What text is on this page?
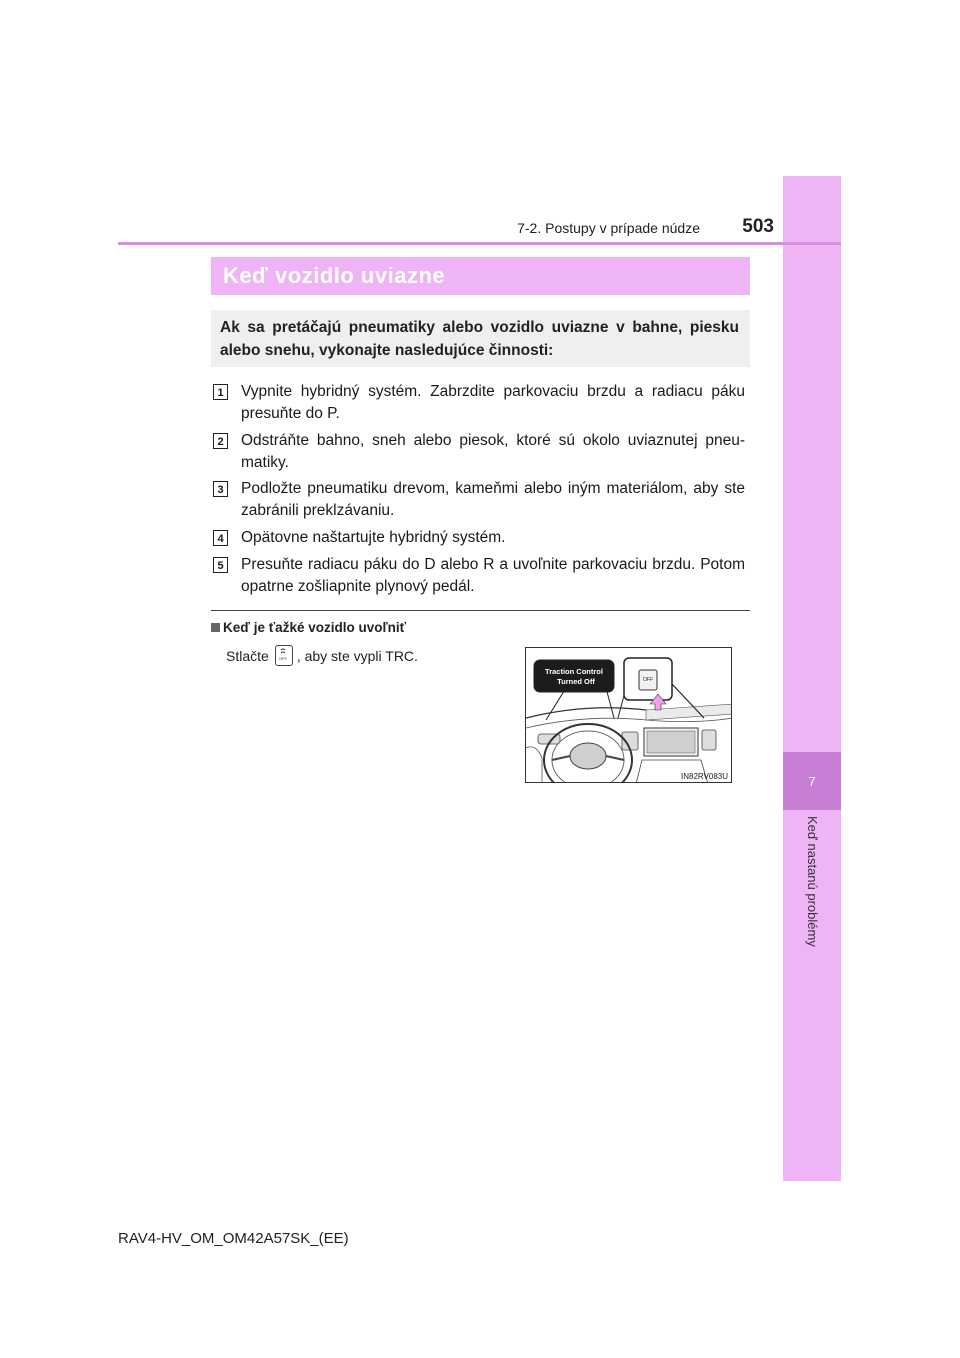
7
Keď nastanú problémy
7-2. Postupy v prípade núdze	503
Keď vozidlo uviazne

Ak sa pretáčajú pneumatiky alebo vozidlo uviazne v bahne, piesku alebo snehu, vykonajte nasledujúce činnosti:

1 Vypnite hybridný systém. Zabrzdite parkovaciu brzdu a radiacu páku presuňte do P.
2 Odstráňte bahno, sneh alebo piesok, ktoré sú okolo uviaznutej pneu-matiky.
3 Podložte pneumatiku drevom, kameňmi alebo iným materiálom, aby ste zabránili preklzávaniu.
4 Opätovne naštartujte hybridný systém.
5 Presuňte radiacu páku do D alebo R a uvoľnite parkovaciu brzdu. Potom opatrne zošliapnite plynový pedál.
Keď je ťažké vozidlo uvoľniť
Stlačte	OFF , aby ste vypli TRC.
Traction Control
Turned Off	OFF
IN82RV083U
RAV4-HV_OM_OM42A57SK_(EE)
